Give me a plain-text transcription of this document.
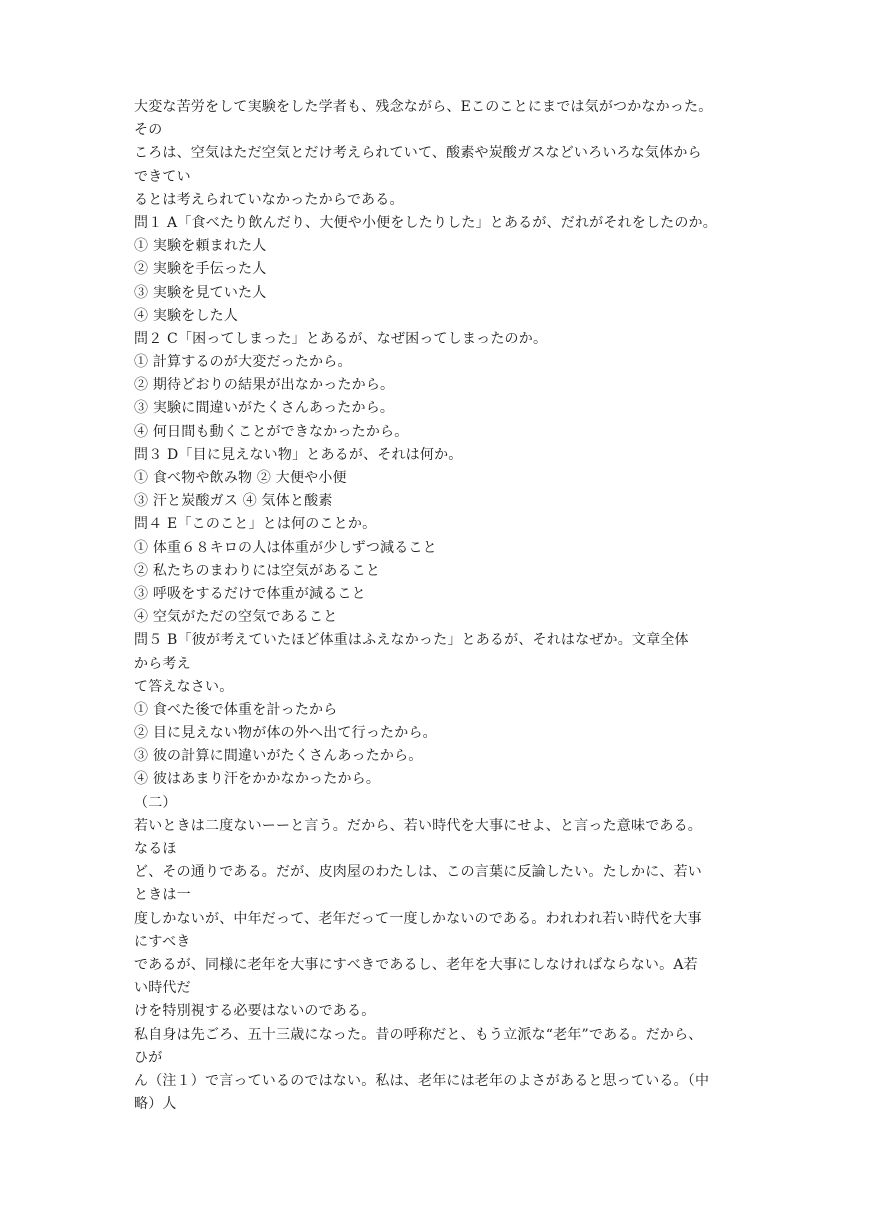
大変な苦労をして実験をした学者も、残念ながら、Eこのことにまでは気がつかなかった。

その

ころは、空気はただ空気とだけ考えられていて、酸素や炭酸ガスなどいろいろな気体から

できてい

るとは考えられていなかったからである。

問１ A「食べたり飲んだり、大便や小便をしたりした」とあるが、だれがそれをしたのか。

① 実験を頼まれた人

② 実験を手伝った人

③ 実験を見ていた人

④ 実験をした人

問２ C「困ってしまった」とあるが、なぜ困ってしまったのか。

① 計算するのが大変だったから。

② 期待どおりの結果が出なかったから。

③ 実験に間違いがたくさんあったから。

④ 何日間も動くことができなかったから。

問３ D「目に見えない物」とあるが、それは何か。

① 食べ物や飲み物 ② 大便や小便

③ 汗と炭酸ガス ④ 気体と酸素

問４ E「このこと」とは何のことか。

① 体重６８キロの人は体重が少しずつ減ること

② 私たちのまわりには空気があること

③ 呼吸をするだけで体重が減ること

④ 空気がただの空気であること

問５ B「彼が考えていたほど体重はふえなかった」とあるが、それはなぜか。文章全体

から考え

て答えなさい。

① 食べた後で体重を計ったから

② 目に見えない物が体の外へ出て行ったから。

③ 彼の計算に間違いがたくさんあったから。

④ 彼はあまり汗をかかなかったから。

（二）

若いときは二度ないーーと言う。だから、若い時代を大事にせよ、と言った意味である。

なるほ

ど、その通りである。だが、皮肉屋のわたしは、この言葉に反論したい。たしかに、若い

ときは一

度しかないが、中年だって、老年だって一度しかないのである。われわれ若い時代を大事

にすべき

であるが、同様に老年を大事にすべきであるし、老年を大事にしなければならない。A若

い時代だ

けを特別視する必要はないのである。

私自身は先ごろ、五十三歳になった。昔の呼称だと、もう立派な“老年”である。だから、

ひが

ん（注１）で言っているのではない。私は、老年には老年のよさがあると思っている。（中

略）人
